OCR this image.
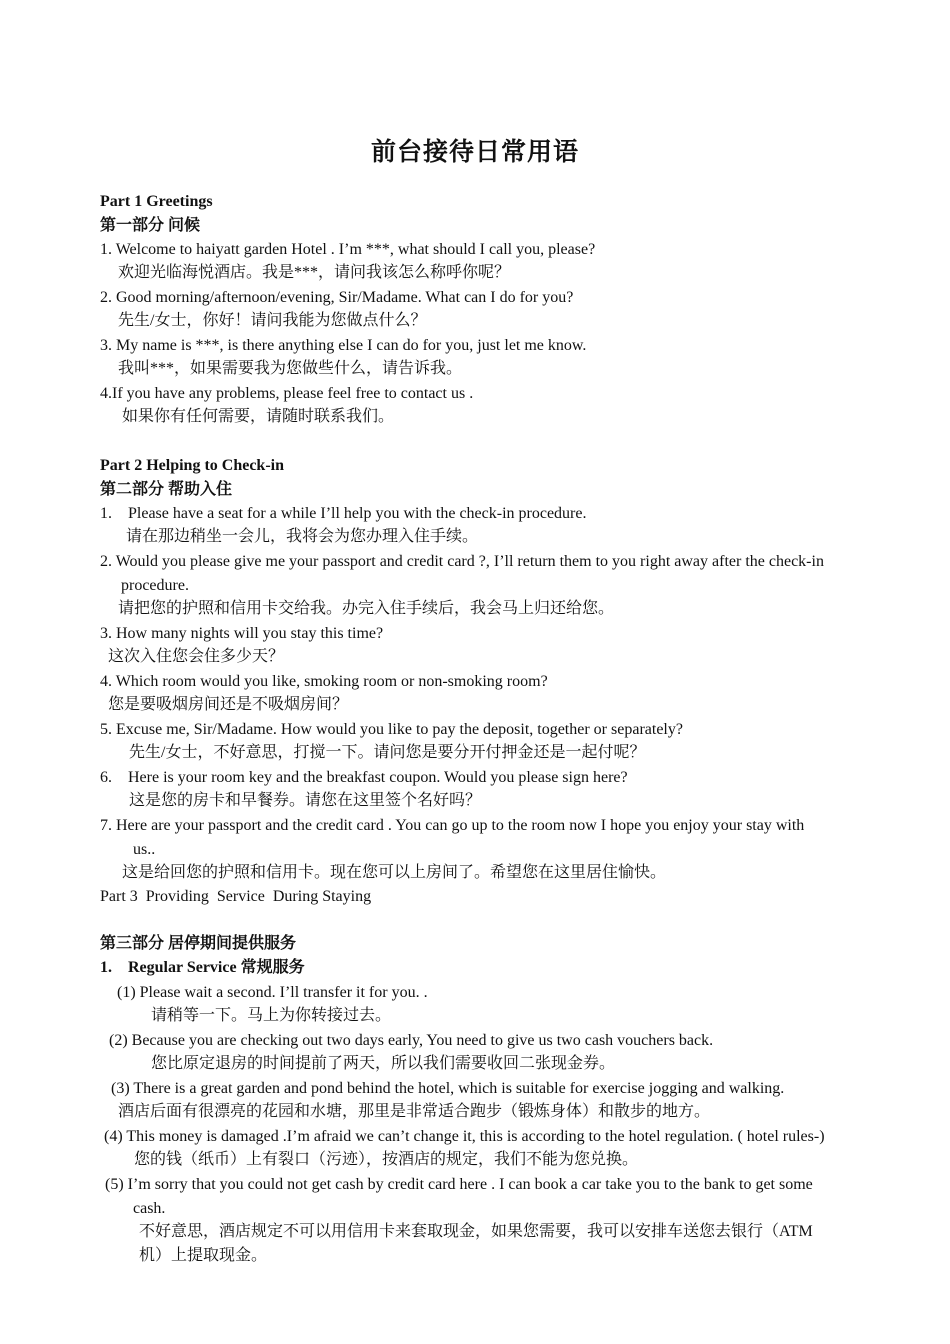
前台接待日常用语
Part 1 Greetings
第一部分 问候
1. Welcome to haiyatt garden Hotel . I’m ***, what should I call you, please?
欢迎光临海悦酒店。我是***，请问我该怎么称呼你呢？
2. Good morning/afternoon/evening, Sir/Madame. What can I do for you?
先生/女士，你好！请问我能为您做点什么？
3. My name is ***, is there anything else I can do for you, just let me know.
我叫***，如果需要我为您做些什么，请告诉我。
4.If you have any problems, please feel free to contact us .
如果你有任何需要，请随时联系我们。
Part 2 Helping to Check-in
第二部分 帮助入住
1.    Please have a seat for a while I’ll help you with the check-in procedure.
请在那边稍坐一会儿，我将会为您办理入住手续。
2. Would you please give me your passport and credit card ?, I’ll return them to you right away after the check-in
procedure.
请把您的护照和信用卡交给我。办完入住手续后，我会马上归还给您。
3. How many nights will you stay this time?
这次入住您会住多少天？
4. Which room would you like, smoking room or non-smoking room?
您是要吸烟房间还是不吸烟房间？
5. Excuse me, Sir/Madame. How would you like to pay the deposit, together or separately?
先生/女士，不好意思，打搅一下。请问您是要分开付押金还是一起付呢？
6.    Here is your room key and the breakfast coupon. Would you please sign here?
这是您的房卡和早餐券。请您在这里签个名好吗？
7. Here are your passport and the credit card . You can go up to the room now I hope you enjoy your stay with
us..
这是给回您的护照和信用卡。现在您可以上房间了。希望您在这里居住愉快。
Part 3  Providing  Service  During Staying
第三部分 居停期间提供服务
1.    Regular Service 常规服务
(1) Please wait a second. I’ll transfer it for you. .
请稍等一下。马上为你转接过去。
(2) Because you are checking out two days early, You need to give us two cash vouchers back.
您比原定退房的时间提前了两天，所以我们需要收回二张现金券。
(3) There is a great garden and pond behind the hotel, which is suitable for exercise jogging and walking.
酒店后面有很漂亮的花园和水塘，那里是非常适合跑步（锻炼身体）和散步的地方。
(4) This money is damaged .I’m afraid we can’t change it, this is according to the hotel regulation. ( hotel rules-)
您的钱（纸币）上有裂口（污迹），按酒店的规定，我们不能为您兑换。
(5) I’m sorry that you could not get cash by credit card here . I can book a car take you to the bank to get some
cash.
不好意思，酒店规定不可以用信用卡来套取现金，如果您需要，我可以安排车送您去银行（ATM
机）上提取现金。
